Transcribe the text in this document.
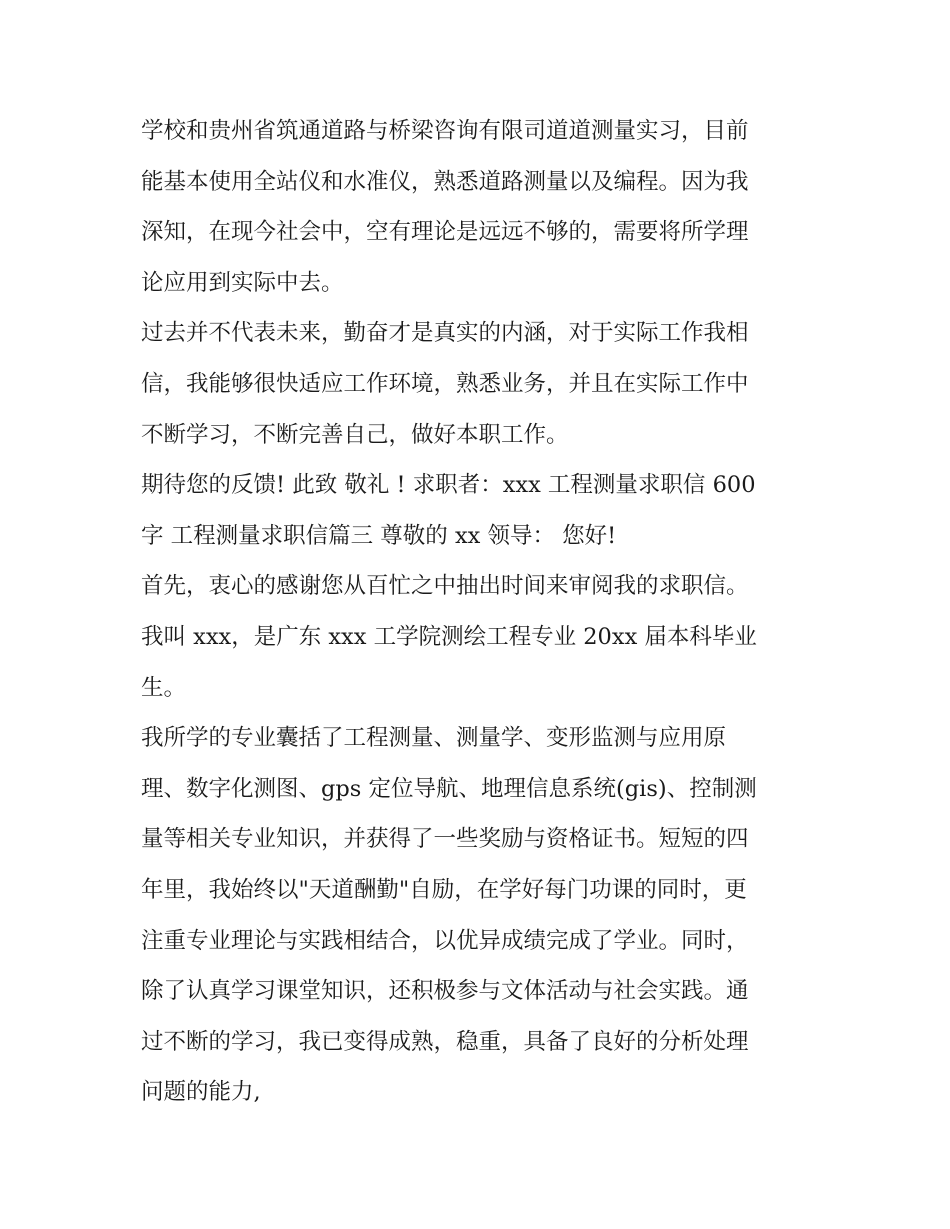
学校和贵州省筑通道路与桥梁咨询有限司道道测量实习，目前
能基本使用全站仪和水准仪，熟悉道路测量以及编程。因为我
深知，在现今社会中，空有理论是远远不够的，需要将所学理
论应用到实际中去。
过去并不代表未来，勤奋才是真实的内涵，对于实际工作我相
信，我能够很快适应工作环境，熟悉业务，并且在实际工作中
不断学习，不断完善自己，做好本职工作。
期待您的反馈! 此致 敬礼 ! 求职者：xxx 工程测量求职信 600
字 工程测量求职信篇三 尊敬的 xx 领导： 您好!
首先，衷心的感谢您从百忙之中抽出时间来审阅我的求职信。
我叫 xxx，是广东 xxx 工学院测绘工程专业 20xx 届本科毕业
生。
我所学的专业囊括了工程测量、测量学、变形监测与应用原
理、数字化测图、gps 定位导航、地理信息系统(gis)、控制测
量等相关专业知识，并获得了一些奖励与资格证书。短短的四
年里，我始终以"天道酬勤"自励，在学好每门功课的同时，更
注重专业理论与实践相结合，以优异成绩完成了学业。同时，
除了认真学习课堂知识，还积极参与文体活动与社会实践。通
过不断的学习，我已变得成熟，稳重，具备了良好的分析处理
问题的能力,
